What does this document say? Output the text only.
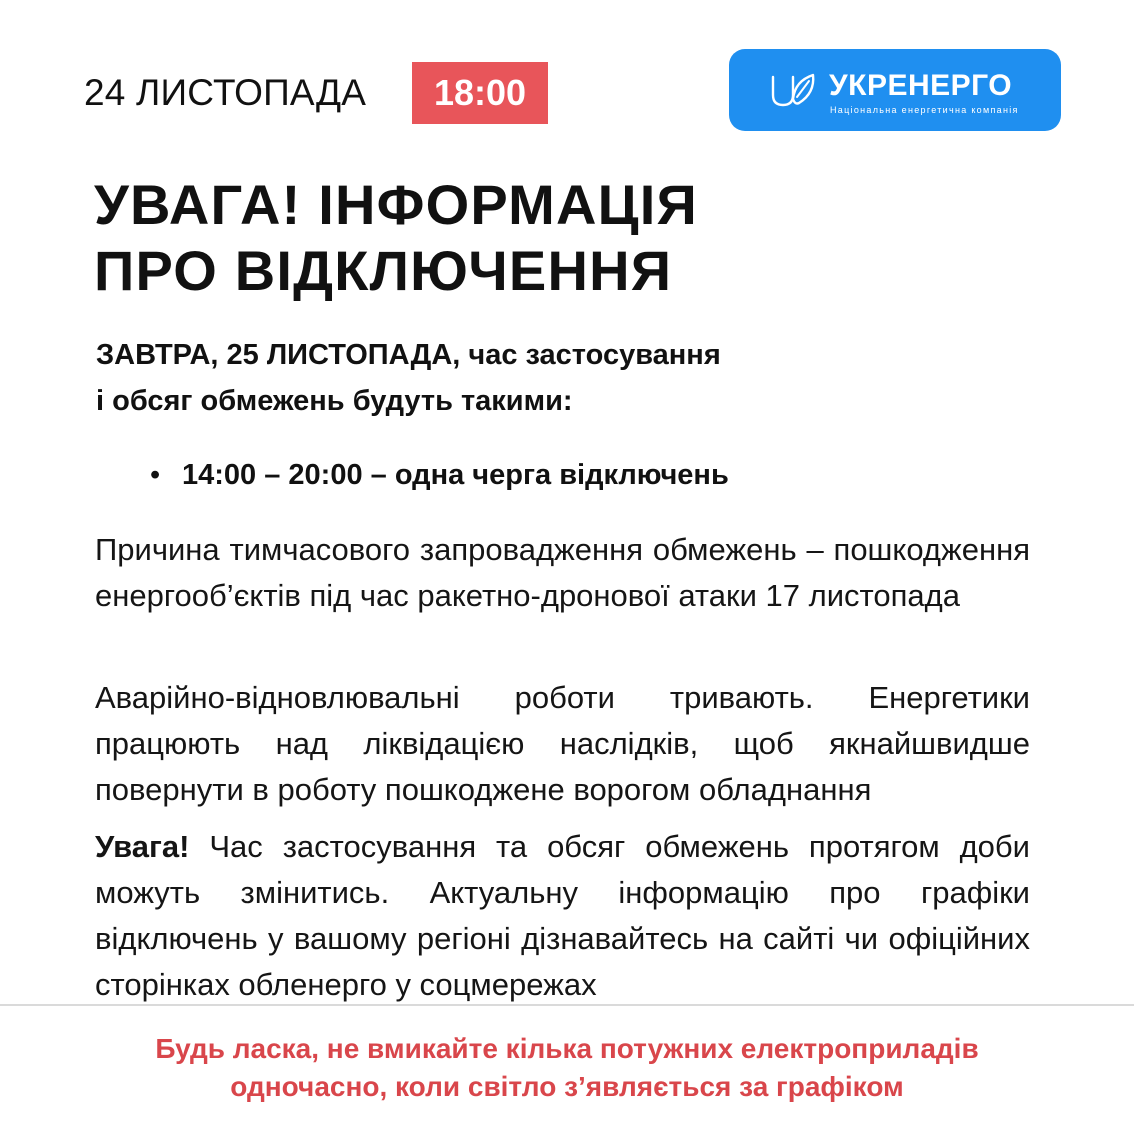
24 ЛИСТОПАДА	18:00	УКРЕНЕРГО
Національна енергетична компанія
УВАГА! ІНФОРМАЦІЯ
ПРО ВІДКЛЮЧЕННЯ

ЗАВТРА, 25 ЛИСТОПАДА, час застосування
і обсяг обмежень будуть такими:

• 14:00 – 20:00 – одна черга відключень

Причина тимчасового запровадження обмежень – пошкодження енергооб’єктів під час ракетно-дронової атаки 17 листопада

Аварійно-відновлювальні роботи тривають. Енергетики працюють над ліквідацією наслідків, щоб якнайшвидше повернути в роботу пошкоджене ворогом обладнання

Увага! Час застосування та обсяг обмежень протягом доби можуть змінитись. Актуальну інформацію про графіки відключень у вашому регіоні дізнавайтесь на сайті чи офіційних сторінках обленерго у соцмережах

Будь ласка, не вмикайте кілька потужних електроприладів
одночасно, коли світло з’являється за графіком
